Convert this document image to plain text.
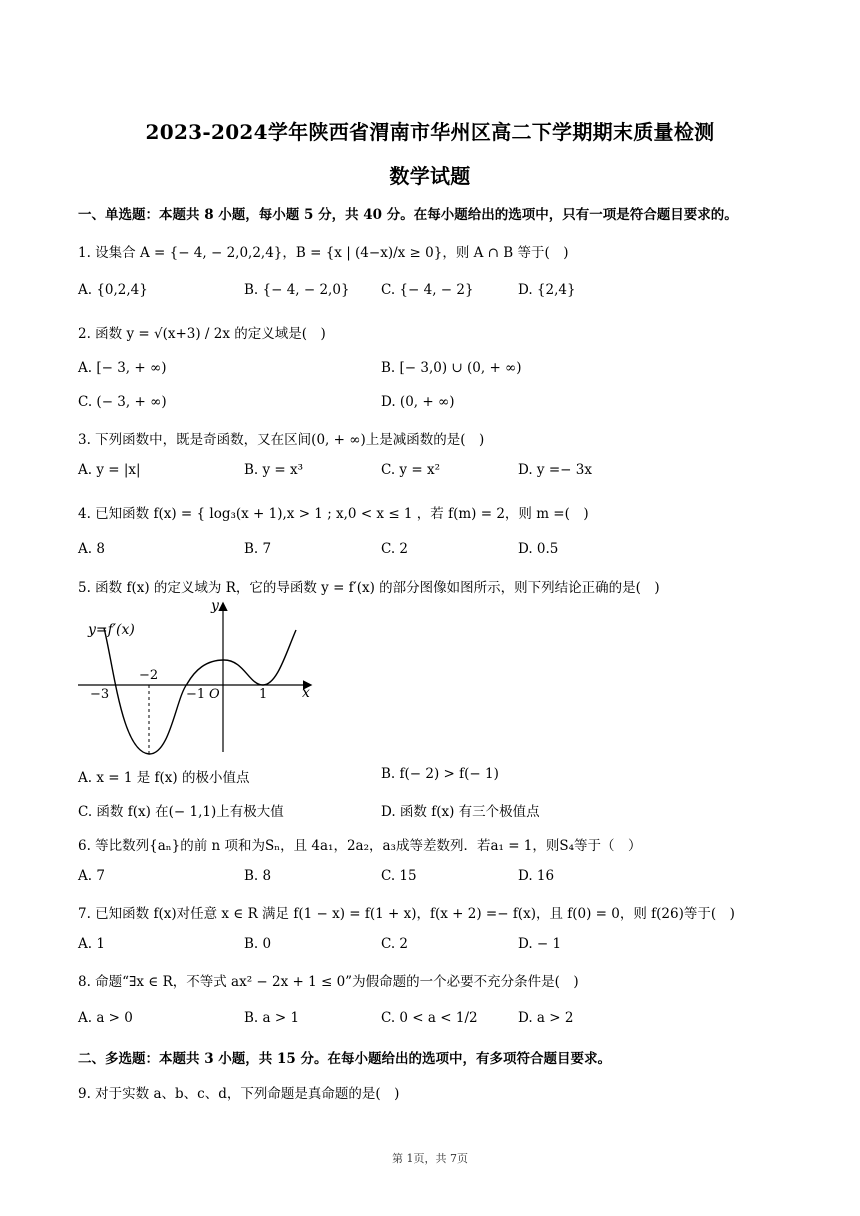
2023-2024学年陕西省渭南市华州区高二下学期期末质量检测
数学试题
一、单选题：本题共 8 小题，每小题 5 分，共 40 分。在每小题给出的选项中，只有一项是符合题目要求的。
1. 设集合 A = {− 4, − 2,0,2,4}，B = {x | (4−x)/x ≥ 0}，则 A ∩ B 等于(　)
A. {0,2,4}	B. {− 4, − 2,0} C. {− 4, − 2}	D. {2,4}
2. 函数 y = √(x+3) / 2x 的定义域是(　)
A. [− 3, + ∞)	B. [− 3,0) ∪ (0, + ∞)
C. (− 3, + ∞)	D. (0, + ∞)
3. 下列函数中，既是奇函数，又在区间(0, + ∞)上是减函数的是(　)
A. y = |x|	B. y = x³	C. y = x²	D. y =− 3x
4. 已知函数 f(x) = { log₃(x + 1),x > 1 ; x,0 < x ≤ 1 ，若 f(m) = 2，则 m =(　)
A. 8	B. 7	C. 2	D. 0.5
5. 函数 f(x) 的定义域为 R，它的导函数 y = f′(x) 的部分图像如图所示，则下列结论正确的是(　)
y=f′(x)
y
x
O
−3
−2
−1	1
A. x = 1 是 f(x) 的极小值点	B. f(− 2) > f(− 1)
C. 函数 f(x) 在(− 1,1)上有极大值	D. 函数 f(x) 有三个极值点
6. 等比数列{aₙ}的前 n 项和为Sₙ，且 4a₁，2a₂，a₃成等差数列．若a₁ = 1，则S₄等于（　）
A. 7	B. 8	C. 15	D. 16
7. 已知函数 f(x)对任意 x ∈ R 满足 f(1 − x) = f(1 + x)，f(x + 2) =− f(x)，且 f(0) = 0，则 f(26)等于(　)
A. 1	B. 0	C. 2	D. − 1
8. 命题“∃x ∈ R，不等式 ax² − 2x + 1 ≤ 0”为假命题的一个必要不充分条件是(　)
A. a > 0	B. a > 1	C. 0 < a < 1/2	D. a > 2
二、多选题：本题共 3 小题，共 15 分。在每小题给出的选项中，有多项符合题目要求。
9. 对于实数 a、b、c、d，下列命题是真命题的是(　)
第 1页，共 7页
